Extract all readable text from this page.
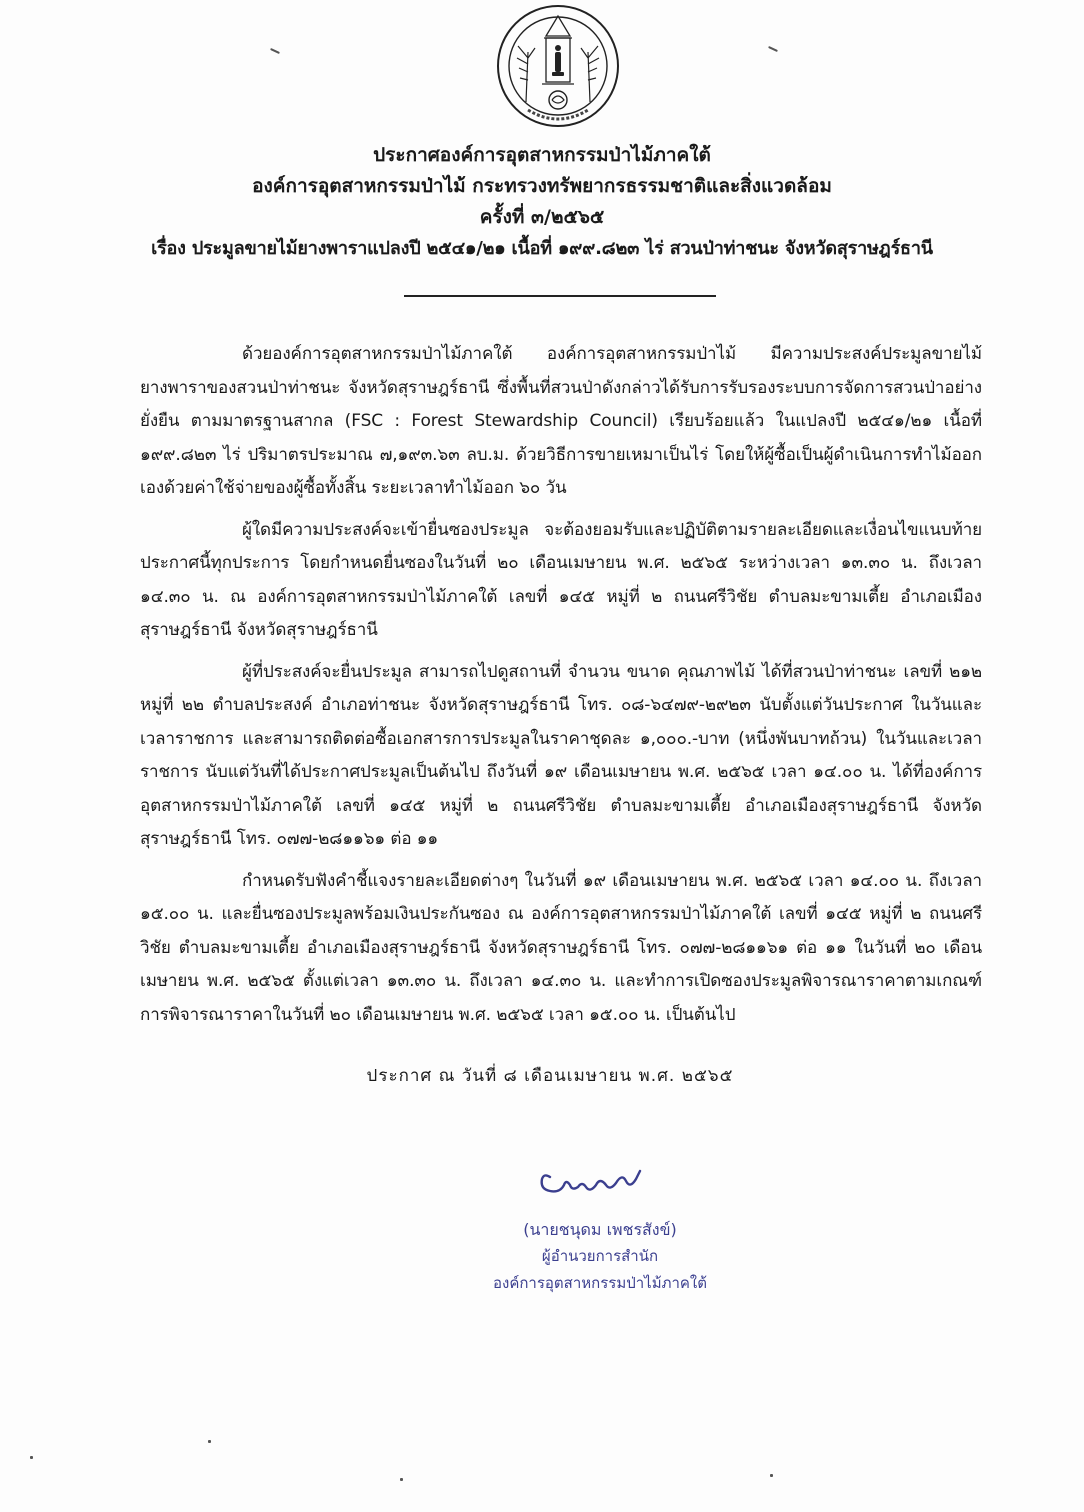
ประกาศองค์การอุตสาหกรรมป่าไม้ภาคใต้
องค์การอุตสาหกรรมป่าไม้ กระทรวงทรัพยากรธรรมชาติและสิ่งแวดล้อม
ครั้งที่ ๓/๒๕๖๕
เรื่อง ประมูลขายไม้ยางพาราแปลงปี ๒๕๔๑/๒๑ เนื้อที่ ๑๙๙.๘๒๓ ไร่ สวนป่าท่าชนะ จังหวัดสุราษฎร์ธานี

ด้วยองค์การอุตสาหกรรมป่าไม้ภาคใต้ องค์การอุตสาหกรรมป่าไม้ มีความประสงค์ประมูลขายไม้ยางพาราของสวนป่าท่าชนะ จังหวัดสุราษฎร์ธานี ซึ่งพื้นที่สวนป่าดังกล่าวได้รับการรับรองระบบการจัดการสวนป่าอย่างยั่งยืน ตามมาตรฐานสากล (FSC : Forest Stewardship Council) เรียบร้อยแล้ว ในแปลงปี ๒๕๔๑/๒๑ เนื้อที่ ๑๙๙.๘๒๓ ไร่ ปริมาตรประมาณ ๗,๑๙๓.๖๓ ลบ.ม. ด้วยวิธีการขายเหมาเป็นไร่ โดยให้ผู้ซื้อเป็นผู้ดำเนินการทำไม้ออกเองด้วยค่าใช้จ่ายของผู้ซื้อทั้งสิ้น ระยะเวลาทำไม้ออก ๖๐ วัน

ผู้ใดมีความประสงค์จะเข้ายื่นซองประมูล จะต้องยอมรับและปฏิบัติตามรายละเอียดและเงื่อนไขแนบท้ายประกาศนี้ทุกประการ โดยกำหนดยื่นซองในวันที่ ๒๐ เดือนเมษายน พ.ศ. ๒๕๖๕ ระหว่างเวลา ๑๓.๓๐ น. ถึงเวลา ๑๔.๓๐ น. ณ องค์การอุตสาหกรรมป่าไม้ภาคใต้ เลขที่ ๑๔๕ หมู่ที่ ๒ ถนนศรีวิชัย ตำบลมะขามเตี้ย อำเภอเมืองสุราษฎร์ธานี จังหวัดสุราษฎร์ธานี

ผู้ที่ประสงค์จะยื่นประมูล สามารถไปดูสถานที่ จำนวน ขนาด คุณภาพไม้ ได้ที่สวนป่าท่าชนะ เลขที่ ๒๑๒ หมู่ที่ ๒๒ ตำบลประสงค์ อำเภอท่าชนะ จังหวัดสุราษฎร์ธานี โทร. ๐๘-๖๔๗๙-๒๙๒๓ นับตั้งแต่วันประกาศ ในวันและเวลาราชการ และสามารถติดต่อซื้อเอกสารการประมูลในราคาชุดละ ๑,๐๐๐.-บาท (หนึ่งพันบาทถ้วน) ในวันและเวลาราชการ นับแต่วันที่ได้ประกาศประมูลเป็นต้นไป ถึงวันที่ ๑๙ เดือนเมษายน พ.ศ. ๒๕๖๕ เวลา ๑๔.๐๐ น. ได้ที่องค์การอุตสาหกรรมป่าไม้ภาคใต้ เลขที่ ๑๔๕ หมู่ที่ ๒ ถนนศรีวิชัย ตำบลมะขามเตี้ย อำเภอเมืองสุราษฎร์ธานี จังหวัดสุราษฎร์ธานี โทร. ๐๗๗-๒๘๑๑๖๑ ต่อ ๑๑

กำหนดรับฟังคำชี้แจงรายละเอียดต่างๆ ในวันที่ ๑๙ เดือนเมษายน พ.ศ. ๒๕๖๕ เวลา ๑๔.๐๐ น. ถึงเวลา ๑๕.๐๐ น. และยื่นซองประมูลพร้อมเงินประกันซอง ณ องค์การอุตสาหกรรมป่าไม้ภาคใต้ เลขที่ ๑๔๕ หมู่ที่ ๒ ถนนศรีวิชัย ตำบลมะขามเตี้ย อำเภอเมืองสุราษฎร์ธานี จังหวัดสุราษฎร์ธานี โทร. ๐๗๗-๒๘๑๑๖๑ ต่อ ๑๑ ในวันที่ ๒๐ เดือนเมษายน พ.ศ. ๒๕๖๕ ตั้งแต่เวลา ๑๓.๓๐ น. ถึงเวลา ๑๔.๓๐ น. และทำการเปิดซองประมูลพิจารณาราคาตามเกณฑ์การพิจารณาราคาในวันที่ ๒๐ เดือนเมษายน พ.ศ. ๒๕๖๕ เวลา ๑๕.๐๐ น. เป็นต้นไป

ประกาศ ณ วันที่ ๘ เดือนเมษายน พ.ศ. ๒๕๖๕
(นายชนุดม เพชรสังข์)
ผู้อำนวยการสำนัก
องค์การอุตสาหกรรมป่าไม้ภาคใต้
